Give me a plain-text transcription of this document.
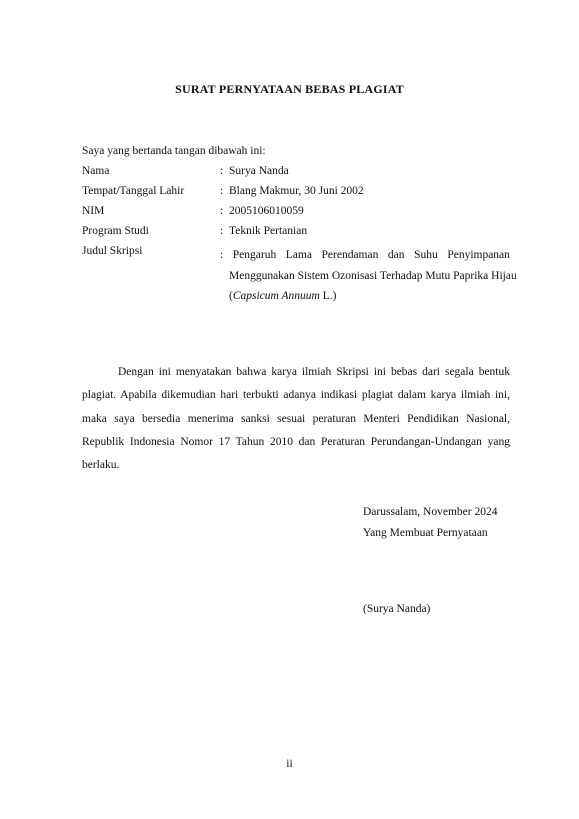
SURAT PERNYATAAN BEBAS PLAGIAT
Saya yang bertanda tangan dibawah ini:
Nama	: Surya Nanda
Tempat/Tanggal Lahir	: Blang Makmur, 30 Juni 2002
NIM	: 2005106010059
Program Studi	: Teknik Pertanian
Judul Skripsi	: Pengaruh Lama Perendaman dan Suhu Penyimpanan
Menggunakan Sistem Ozonisasi Terhadap Mutu Paprika Hijau
(Capsicum Annuum L.)
Dengan ini menyatakan bahwa karya ilmiah Skripsi ini bebas dari segala bentuk plagiat. Apabila dikemudian hari terbukti adanya indikasi plagiat dalam karya ilmiah ini, maka saya bersedia menerima sanksi sesuai peraturan Menteri Pendidikan Nasional, Republik Indonesia Nomor 17 Tahun 2010 dan Peraturan Perundangan-Undangan yang berlaku.
Darussalam, November 2024
Yang Membuat Pernyataan
(Surya Nanda)
ii
